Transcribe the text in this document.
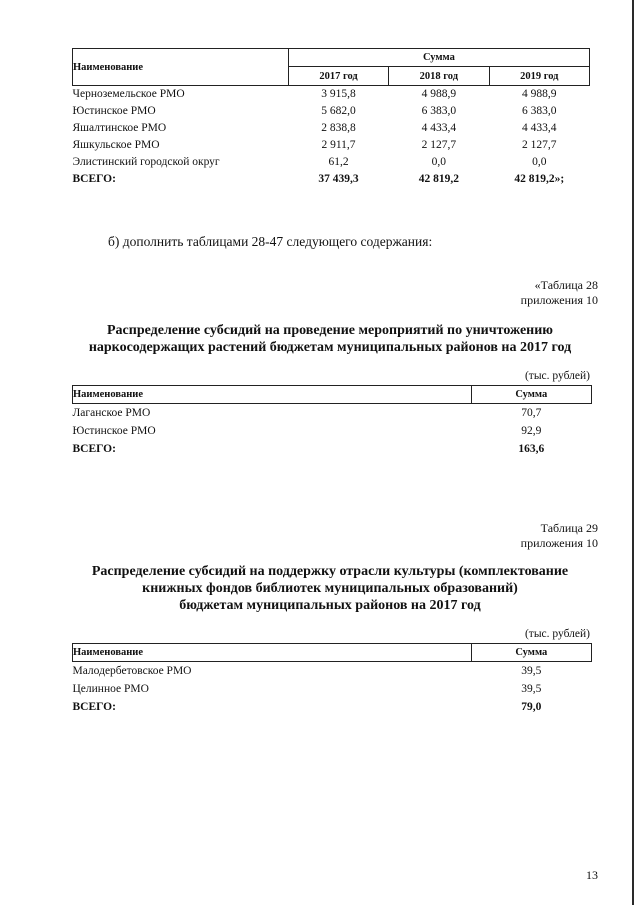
Наименование	Сумма		
	2017 год	2018 год	2019 год
Черноземельское РМО	3 915,8	4 988,9	4 988,9
Юстинское РМО	5 682,0	6 383,0	6 383,0
Яшалтинское РМО	2 838,8	4 433,4	4 433,4
Яшкульское РМО	2 911,7	2 127,7	2 127,7
Элистинский городской округ	61,2	0,0	0,0
ВСЕГО:	37 439,3	42 819,2	42 819,2»;
б) дополнить таблицами 28-47 следующего содержания:
«Таблица 28
приложения 10
Распределение субсидий на проведение мероприятий по уничтожению
наркосодержащих растений бюджетам муниципальных районов на 2017 год
(тыс. рублей)
Наименование	Сумма
Лаганское РМО	70,7
Юстинское РМО	92,9
ВСЕГО:	163,6
Таблица 29
приложения 10
Распределение субсидий на поддержку отрасли культуры (комплектование
книжных фондов библиотек муниципальных образований)
бюджетам муниципальных районов на 2017 год
(тыс. рублей)
Наименование	Сумма
Малодербетовское РМО	39,5
Целинное РМО	39,5
ВСЕГО:	79,0
13
